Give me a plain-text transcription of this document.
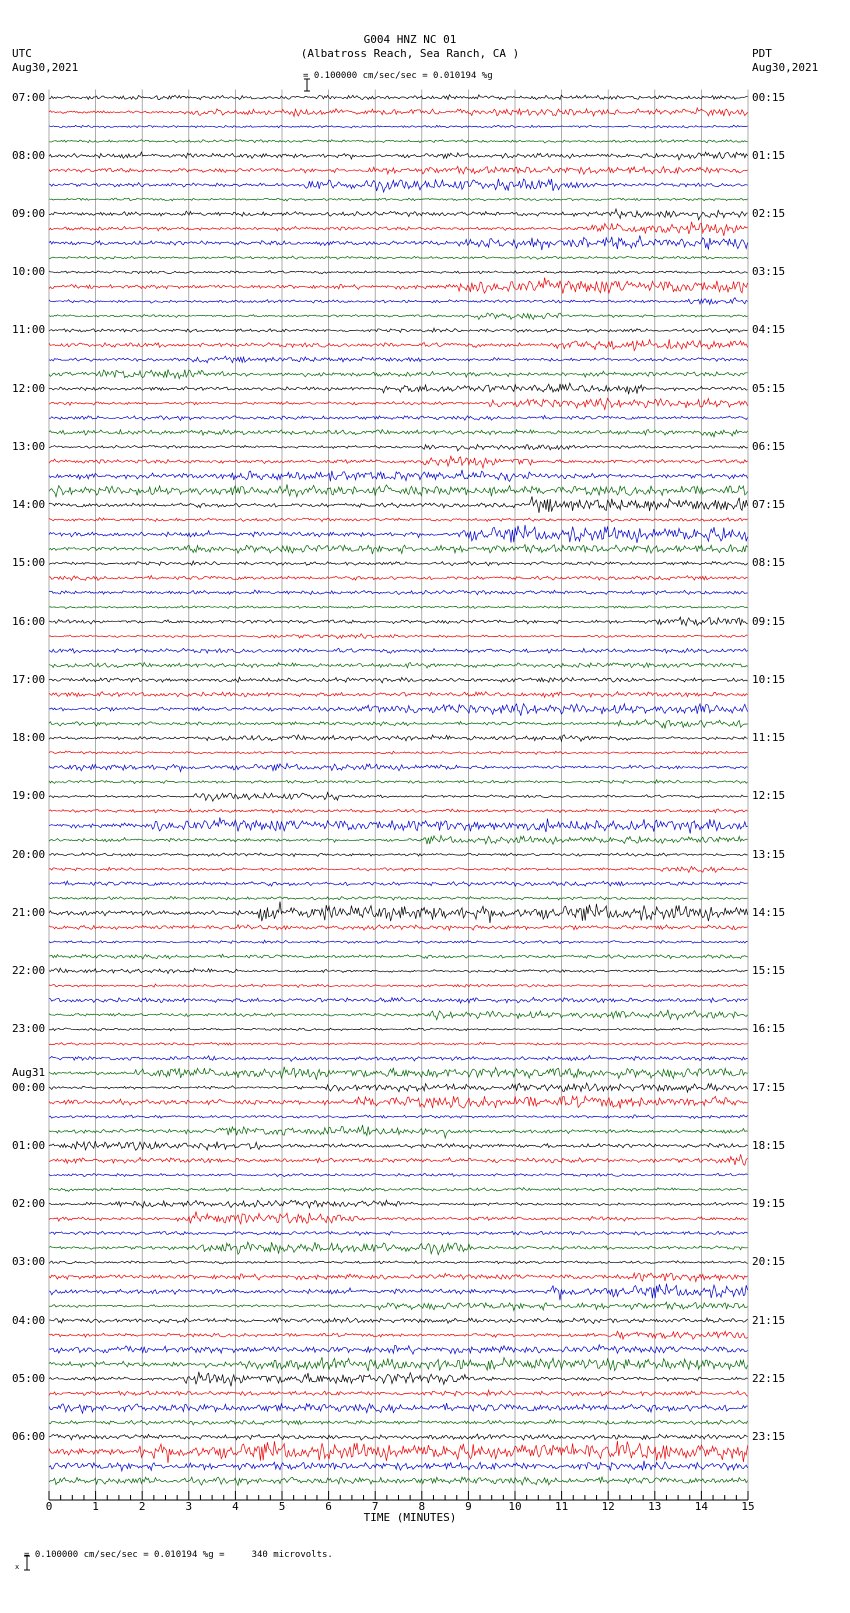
G004 HNZ NC 01
(Albatross Reach, Sea Ranch, CA )
UTC
Aug30,2021
PDT
Aug30,2021

= 0.100000 cm/sec/sec = 0.010194 %g
07:00
08:00
09:00
10:00
11:00
12:00
13:00
14:00
15:00
16:00
17:00
18:00
19:00
20:00
21:00
22:00
23:00
Aug31
00:00
01:00
02:00
03:00
04:00
05:00
06:00
00:15
01:15
02:15
03:15
04:15
05:15
06:15
07:15
08:15
09:15
10:15
11:15
12:15
13:15
14:15
15:15
16:15
17:15
18:15
19:15
20:15
21:15
22:15
23:15
0	1	2	3	4	5	6	7	8	9	10	11	12	13	14	15
TIME (MINUTES)

x

= 0.100000 cm/sec/sec = 0.010194 %g =     340 microvolts.
